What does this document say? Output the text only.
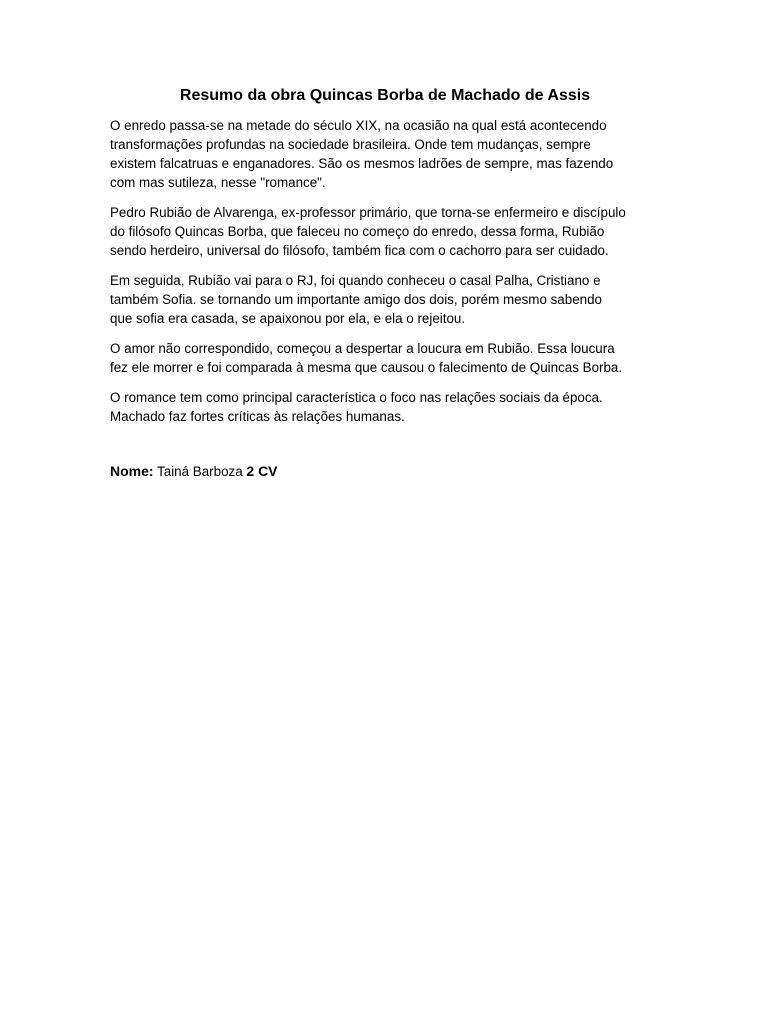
Resumo da obra Quincas Borba de Machado de Assis

O enredo passa-se na metade do século XIX, na ocasião na qual está acontecendo
transformações profundas na sociedade brasileira. Onde tem mudanças, sempre
existem falcatruas e enganadores. São os mesmos ladrões de sempre, mas fazendo
com mas sutileza, nesse "romance".

Pedro Rubião de Alvarenga, ex-professor primário, que torna-se enfermeiro e discípulo
do filósofo Quincas Borba, que faleceu no começo do enredo, dessa forma, Rubião
sendo herdeiro, universal do filósofo, também fica com o cachorro para ser cuidado.

Em seguida, Rubião vai para o RJ, foi quando conheceu o casal Palha, Cristiano e
também Sofia. se tornando um importante amigo dos dois, porém mesmo sabendo
que sofia era casada, se apaixonou por ela, e ela o rejeitou.

O amor não correspondido, começou a despertar a loucura em Rubião. Essa loucura
fez ele morrer e foi comparada à mesma que causou o falecimento de Quincas Borba.

O romance tem como principal característica o foco nas relações sociais da época.
Machado faz fortes críticas às relações humanas.

Nome: Tainá Barboza 2 CV
